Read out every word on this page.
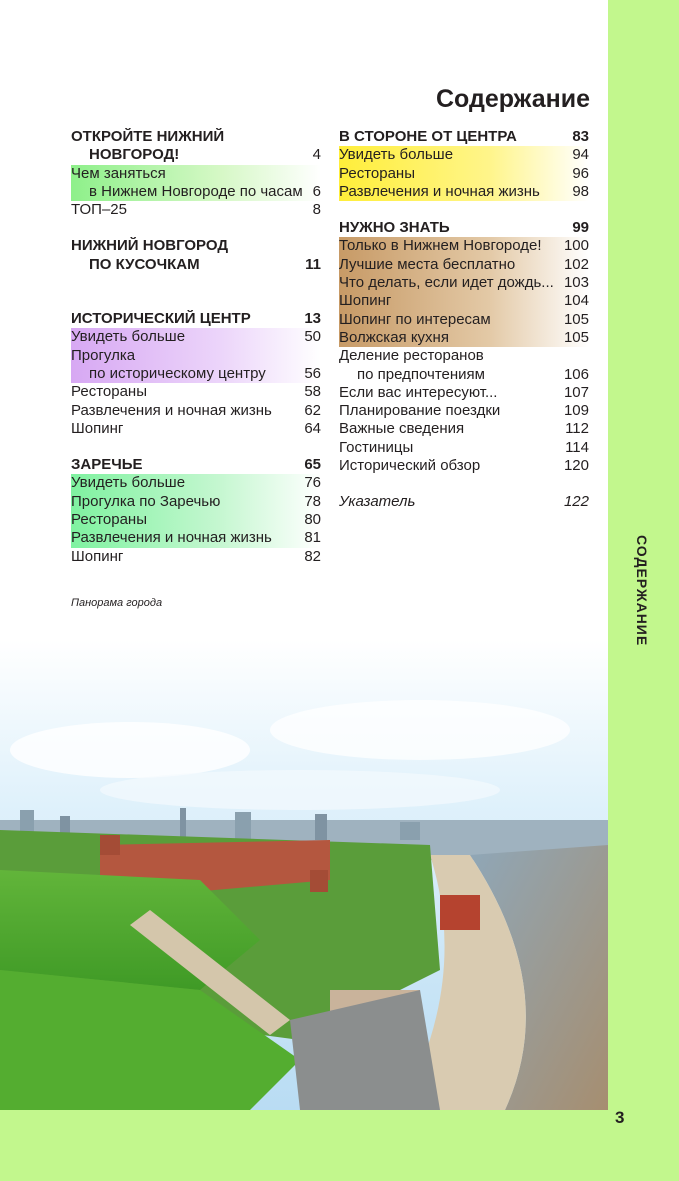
СОДЕРЖАНИЕ
3
Содержание
ОТКРОЙТЕ НИЖНИЙ
НОВГОРОД!	4
Чем заняться
в Нижнем Новгороде по часам 6
ТОП–25	8
НИЖНИЙ НОВГОРОД
ПО КУСОЧКАМ	11
ИСТОРИЧЕСКИЙ ЦЕНТР	13
Увидеть больше	50
Прогулка
по историческому центру	56
Рестораны	58
Развлечения и ночная жизнь	62
Шопинг	64
ЗАРЕЧЬЕ	65
Увидеть больше	76
Прогулка по Заречью	78
Рестораны	80
Развлечения и ночная жизнь	81
Шопинг	82
В СТОРОНЕ ОТ ЦЕНТРА	83
Увидеть больше	94
Рестораны	96
Развлечения и ночная жизнь	98
НУЖНО ЗНАТЬ	99
Только в Нижнем Новгороде!	100
Лучшие места бесплатно	102
Что делать, если идет дождь... 103
Шопинг	104
Шопинг по интересам	105
Волжская кухня	105
Деление ресторанов
по предпочтениям	106
Если вас интересуют...	107
Планирование поездки	109
Важные сведения	112
Гостиницы	114
Исторический обзор	120
Указатель	122
Панорама города
